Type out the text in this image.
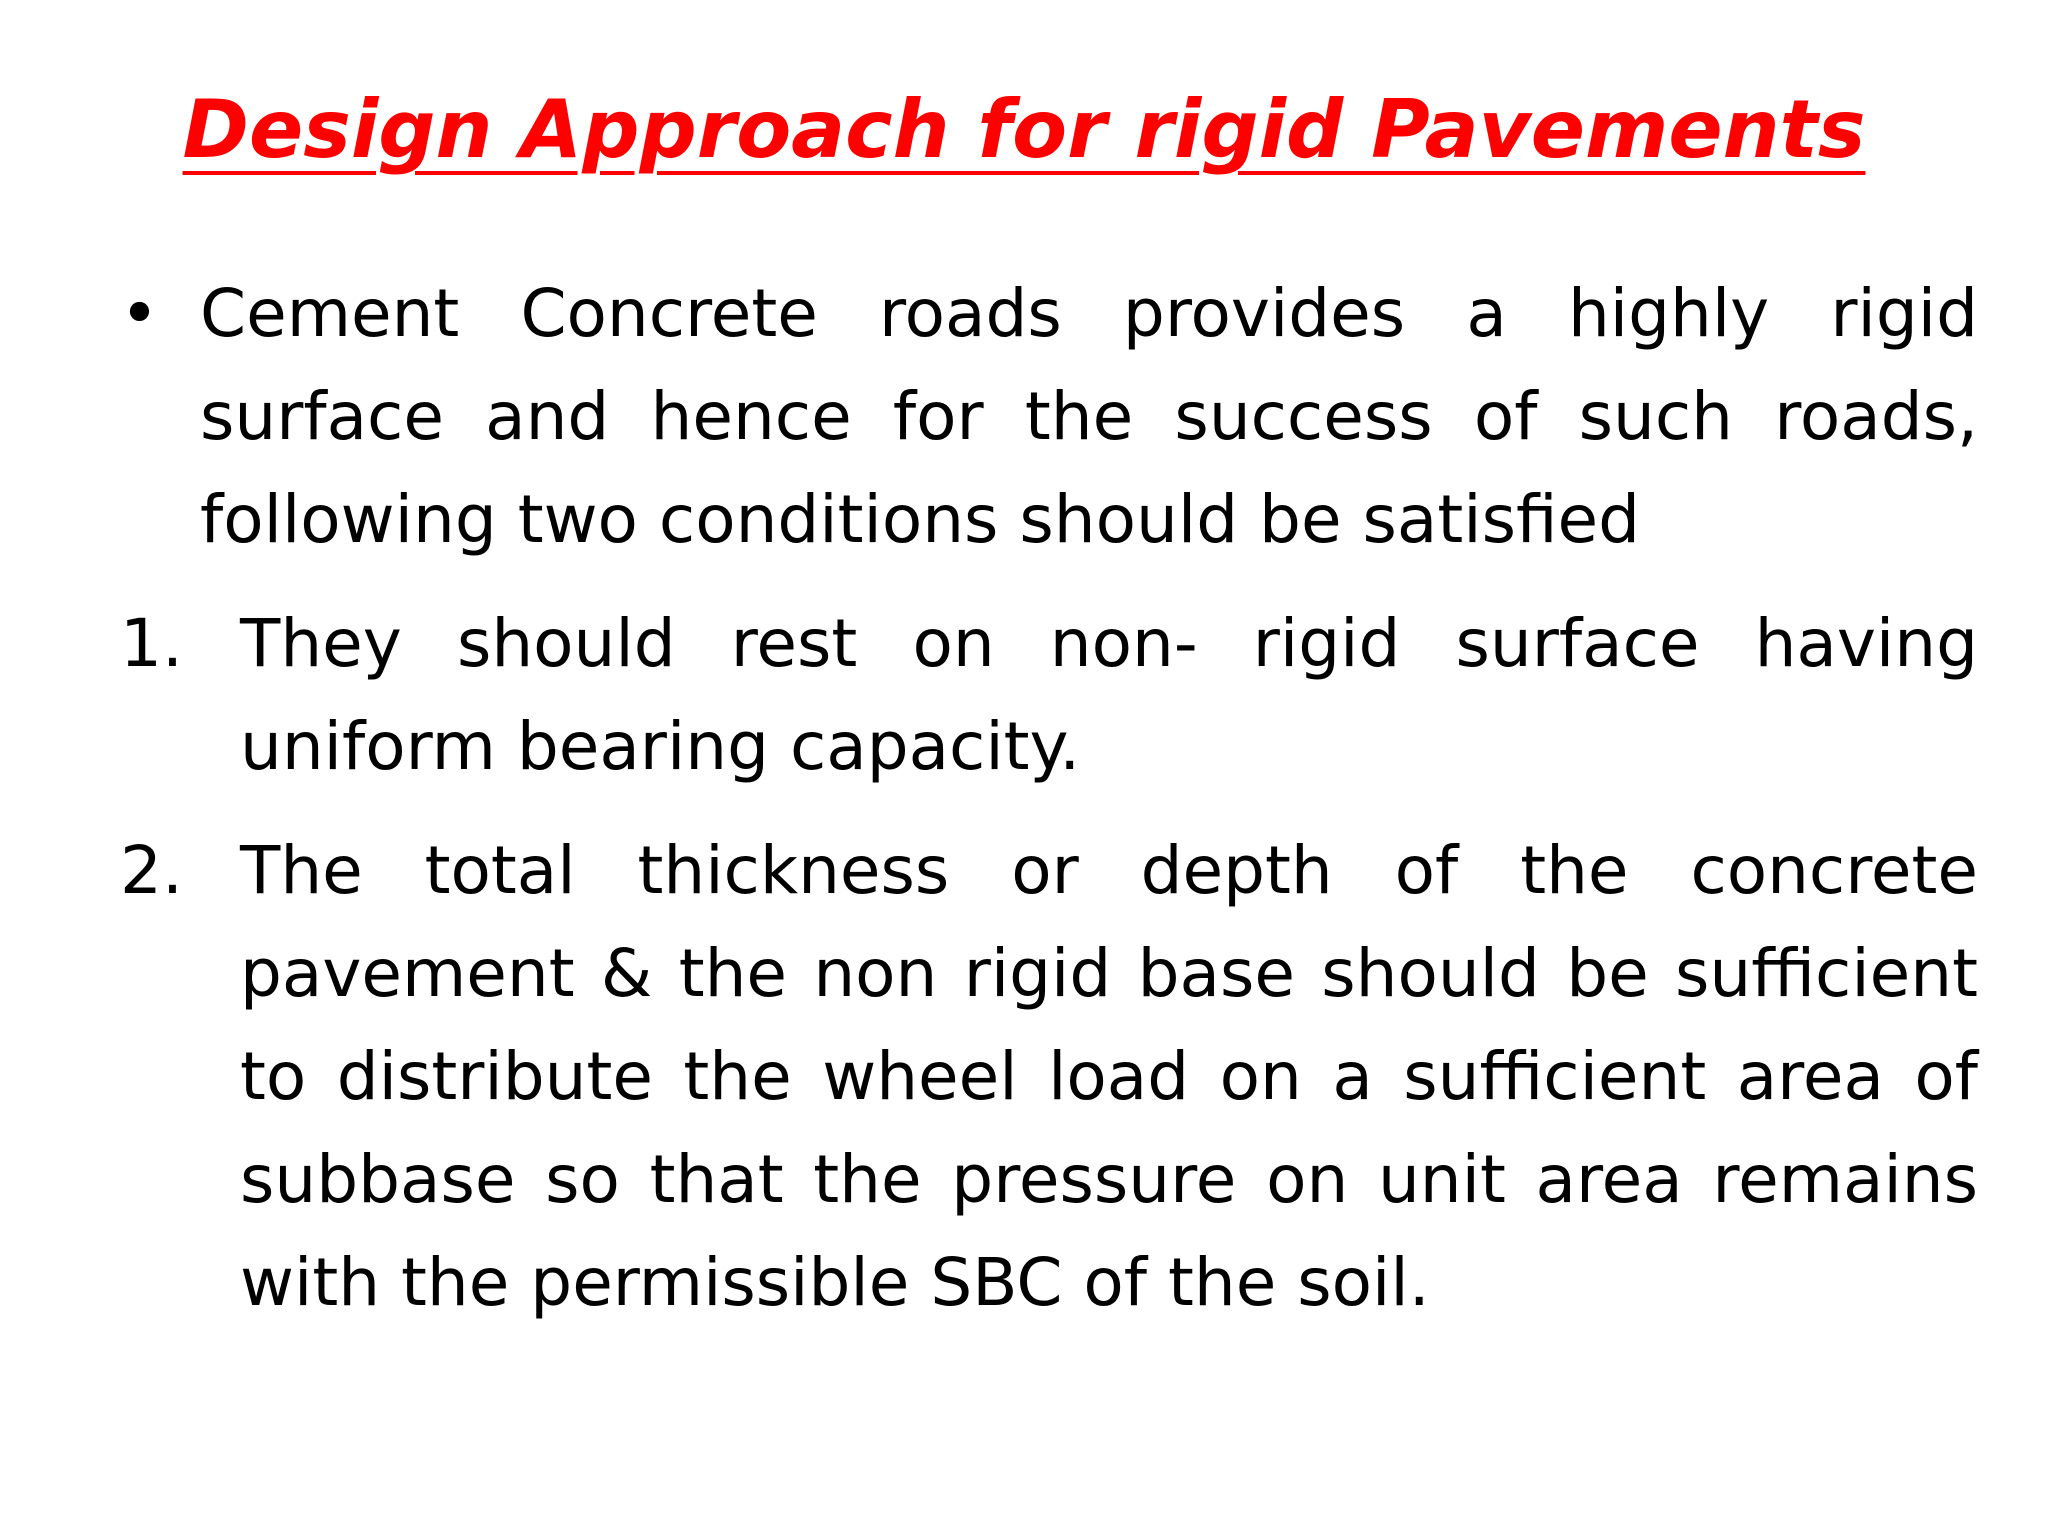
Design Approach for rigid Pavements
• Cement Concrete roads provides a highly rigid surface and hence for the success of such roads, following two conditions should be satisfied
1. They should rest on non- rigid surface having uniform bearing capacity.
2. The total thickness or depth of the concrete pavement & the non rigid base should be sufficient to distribute the wheel load on a sufficient area of subbase so that the pressure on unit area remains with the permissible SBC of the soil.
